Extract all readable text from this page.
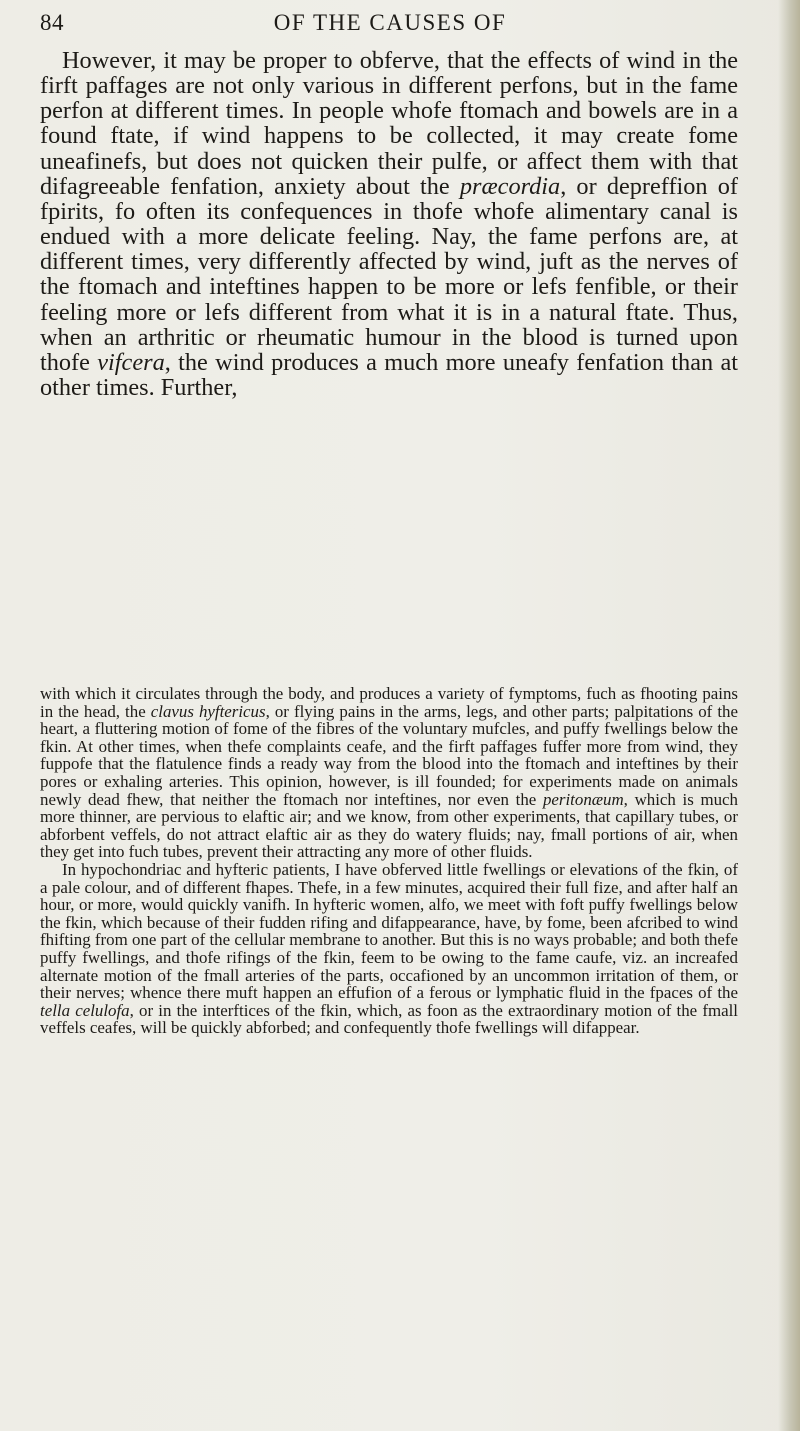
84	OF THE CAUSES OF

However, it may be proper to obferve, that the effects of wind in the firft paffages are not only various in different perfons, but in the fame perfon at different times. In people whofe ftomach and bowels are in a found ftate, if wind happens to be collected, it may create fome uneafinefs, but does not quicken their pulfe, or affect them with that difagreeable fenfation, anxiety about the præcordia, or depreffion of fpirits, fo often its confequences in thofe whofe alimentary canal is endued with a more delicate feeling. Nay, the fame perfons are, at different times, very differently affected by wind, juft as the nerves of the ftomach and inteftines happen to be more or lefs fenfible, or their feeling more or lefs different from what it is in a natural ftate. Thus, when an arthritic or rheumatic humour in the blood is turned upon thofe vifcera, the wind produces a much more uneafy fenfation than at other times. Further,

with which it circulates through the body, and produces a variety of fymptoms, fuch as fhooting pains in the head, the clavus hyftericus, or flying pains in the arms, legs, and other parts; palpitations of the heart, a fluttering motion of fome of the fibres of the voluntary mufcles, and puffy fwellings below the fkin. At other times, when thefe complaints ceafe, and the firft paffages fuffer more from wind, they fuppofe that the flatulence finds a ready way from the blood into the ftomach and inteftines by their pores or exhaling arteries. This opinion, however, is ill founded; for experiments made on animals newly dead fhew, that neither the ftomach nor inteftines, nor even the peritonæum, which is much more thinner, are pervious to elaftic air; and we know, from other experiments, that capillary tubes, or abforbent veffels, do not attract elaftic air as they do watery fluids; nay, fmall portions of air, when they get into fuch tubes, prevent their attracting any more of other fluids.

In hypochondriac and hyfteric patients, I have obferved little fwellings or elevations of the fkin, of a pale colour, and of different fhapes. Thefe, in a few minutes, acquired their full fize, and after half an hour, or more, would quickly vanifh. In hyfteric women, alfo, we meet with foft puffy fwellings below the fkin, which because of their fudden rifing and difappearance, have, by fome, been afcribed to wind fhifting from one part of the cellular membrane to another. But this is no ways probable; and both thefe puffy fwellings, and thofe rifings of the fkin, feem to be owing to the fame caufe, viz. an increafed alternate motion of the fmall arteries of the parts, occafioned by an uncommon irritation of them, or their nerves; whence there muft happen an effufion of a ferous or lymphatic fluid in the fpaces of the tella celulofa, or in the interftices of the fkin, which, as foon as the extraordinary motion of the fmall veffels ceafes, will be quickly abforbed; and confequently thofe fwellings will difappear.
